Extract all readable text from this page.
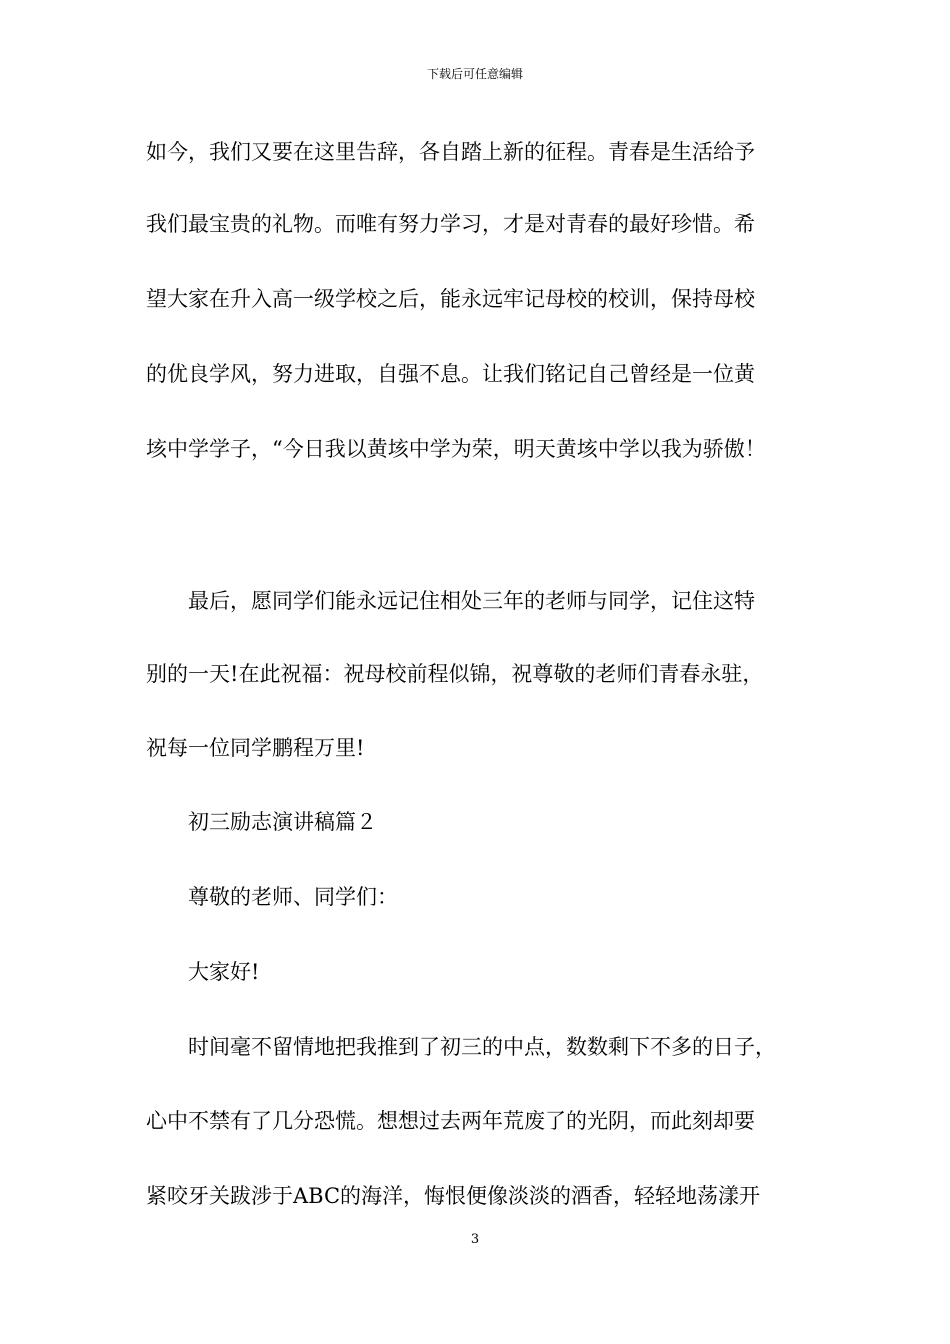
下载后可任意编辑
如今，我们又要在这里告辞，各自踏上新的征程。青春是生活给予
我们最宝贵的礼物。而唯有努力学习，才是对青春的最好珍惜。希
望大家在升入高一级学校之后，能永远牢记母校的校训，保持母校
的优良学风，努力进取，自强不息。让我们铭记自己曾经是一位黄
垓中学学子，“今日我以黄垓中学为荣，明天黄垓中学以我为骄傲！
　　最后，愿同学们能永远记住相处三年的老师与同学，记住这特
别的一天!在此祝福：祝母校前程似锦，祝尊敬的老师们青春永驻，
祝每一位同学鹏程万里!
　　初三励志演讲稿篇２
　　尊敬的老师、同学们：
　　大家好!
　　时间毫不留情地把我推到了初三的中点，数数剩下不多的日子，
心中不禁有了几分恐慌。想想过去两年荒废了的光阴，而此刻却要
紧咬牙关跋涉于ABC的海洋，悔恨便像淡淡的酒香，轻轻地荡漾开
3
